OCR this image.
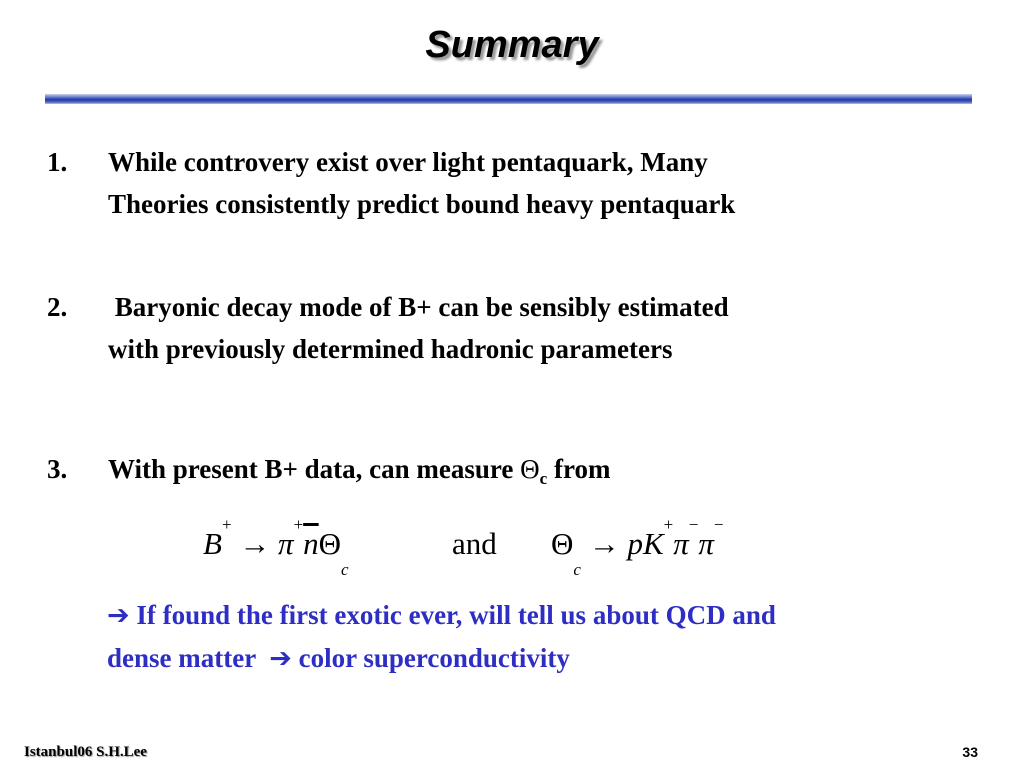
Summary
1. While controvery exist over light pentaquark, Many
Theories consistently predict bound heavy pentaquark
2. Baryonic decay mode of B+ can be sensibly estimated
with previously determined hadronic parameters
3. With present B+ data, can measure $\Theta_c$ from
$B^+ \to \pi^+\overline{n}\Theta_c$
and $\Theta_c \to pK^+\pi^-\pi^-$
➔ If found the first exotic ever, will tell us about QCD and
dense matter  ➔ color superconductivity
Istanbul06 S.H.Lee	33
